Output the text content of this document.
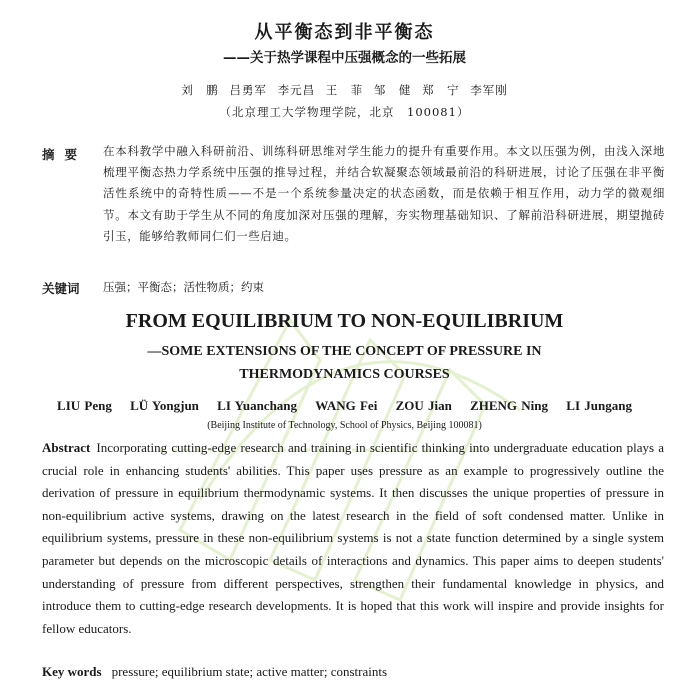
从平衡态到非平衡态
——关于热学课程中压强概念的一些拓展
刘　鹏 吕勇军 李元昌 王　菲 邹　健 郑　宁 李军刚
（北京理工大学物理学院，北京　100081）
摘要 在本科教学中融入科研前沿、训练科研思维对学生能力的提升有重要作用。本文以压强为例，由浅入深地梳理平衡态热力学系统中压强的推导过程，并结合软凝聚态领域最前沿的科研进展，讨论了压强在非平衡活性系统中的奇特性质——不是一个系统参量决定的状态函数，而是依赖于相互作用，动力学的微观细节。本文有助于学生从不同的角度加深对压强的理解，夯实物理基础知识、了解前沿科研进展，期望抛砖引玉，能够给教师同仁们一些启迪。
关键词 压强；平衡态；活性物质；约束
FROM EQUILIBRIUM TO NON-EQUILIBRIUM
—SOME EXTENSIONS OF THE CONCEPT OF PRESSURE IN
THERMODYNAMICS COURSES
LIU Peng LÜ Yongjun LI Yuanchang WANG Fei ZOU Jian ZHENG Ning LI Jungang
(Beijing Institute of Technology, School of Physics, Beijing 100081)
Abstract Incorporating cutting-edge research and training in scientific thinking into undergraduate education plays a crucial role in enhancing students' abilities. This paper uses pressure as an example to progressively outline the derivation of pressure in equilibrium thermodynamic systems. It then discusses the unique properties of pressure in non-equilibrium active systems, drawing on the latest research in the field of soft condensed matter. Unlike in equilibrium systems, pressure in these non-equilibrium systems is not a state function determined by a single system parameter but depends on the microscopic details of interactions and dynamics. This paper aims to deepen students' understanding of pressure from different perspectives, strengthen their fundamental knowledge in physics, and introduce them to cutting-edge research developments. It is hoped that this work will inspire and provide insights for fellow educators.
Key words pressure; equilibrium state; active matter; constraints
